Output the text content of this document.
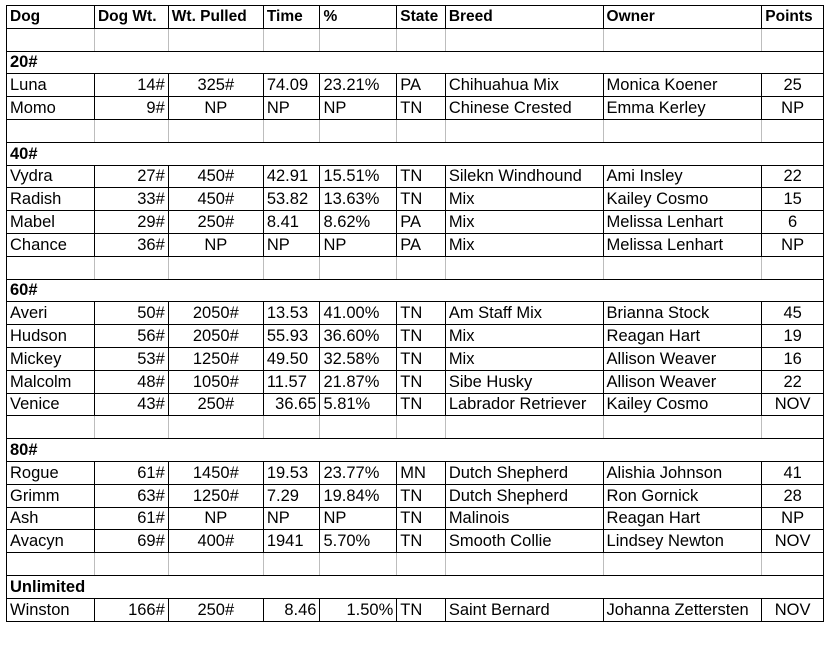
Dog	Dog Wt.	Wt. Pulled	Time	%	State	Breed	Owner	Points

20#								
Luna	14#	325#	74.09	23.21%	PA	Chihuahua Mix	Monica Koener	25
Momo	9#	NP	NP	NP	TN	Chinese Crested	Emma Kerley	NP

40#								
Vydra	27#	450#	42.91	15.51%	TN	Silekn Windhound	Ami Insley	22
Radish	33#	450#	53.82	13.63%	TN	Mix	Kailey Cosmo	15
Mabel	29#	250#	8.41	8.62%	PA	Mix	Melissa Lenhart	6
Chance	36#	NP	NP	NP	PA	Mix	Melissa Lenhart	NP

60#								
Averi	50#	2050#	13.53	41.00%	TN	Am Staff Mix	Brianna Stock	45
Hudson	56#	2050#	55.93	36.60%	TN	Mix	Reagan Hart	19
Mickey	53#	1250#	49.50	32.58%	TN	Mix	Allison Weaver	16
Malcolm	48#	1050#	11.57	21.87%	TN	Sibe Husky	Allison Weaver	22
Venice	43#	250#	36.65	5.81%	TN	Labrador Retriever	Kailey Cosmo	NOV

80#								
Rogue	61#	1450#	19.53	23.77%	MN	Dutch Shepherd	Alishia Johnson	41
Grimm	63#	1250#	7.29	19.84%	TN	Dutch Shepherd	Ron Gornick	28
Ash	61#	NP	NP	NP	TN	Malinois	Reagan Hart	NP
Avacyn	69#	400#	1941	5.70%	TN	Smooth Collie	Lindsey Newton	NOV

Unlimited								
Winston	166#	250#	8.46	1.50%	TN	Saint Bernard	Johanna Zettersten	NOV
